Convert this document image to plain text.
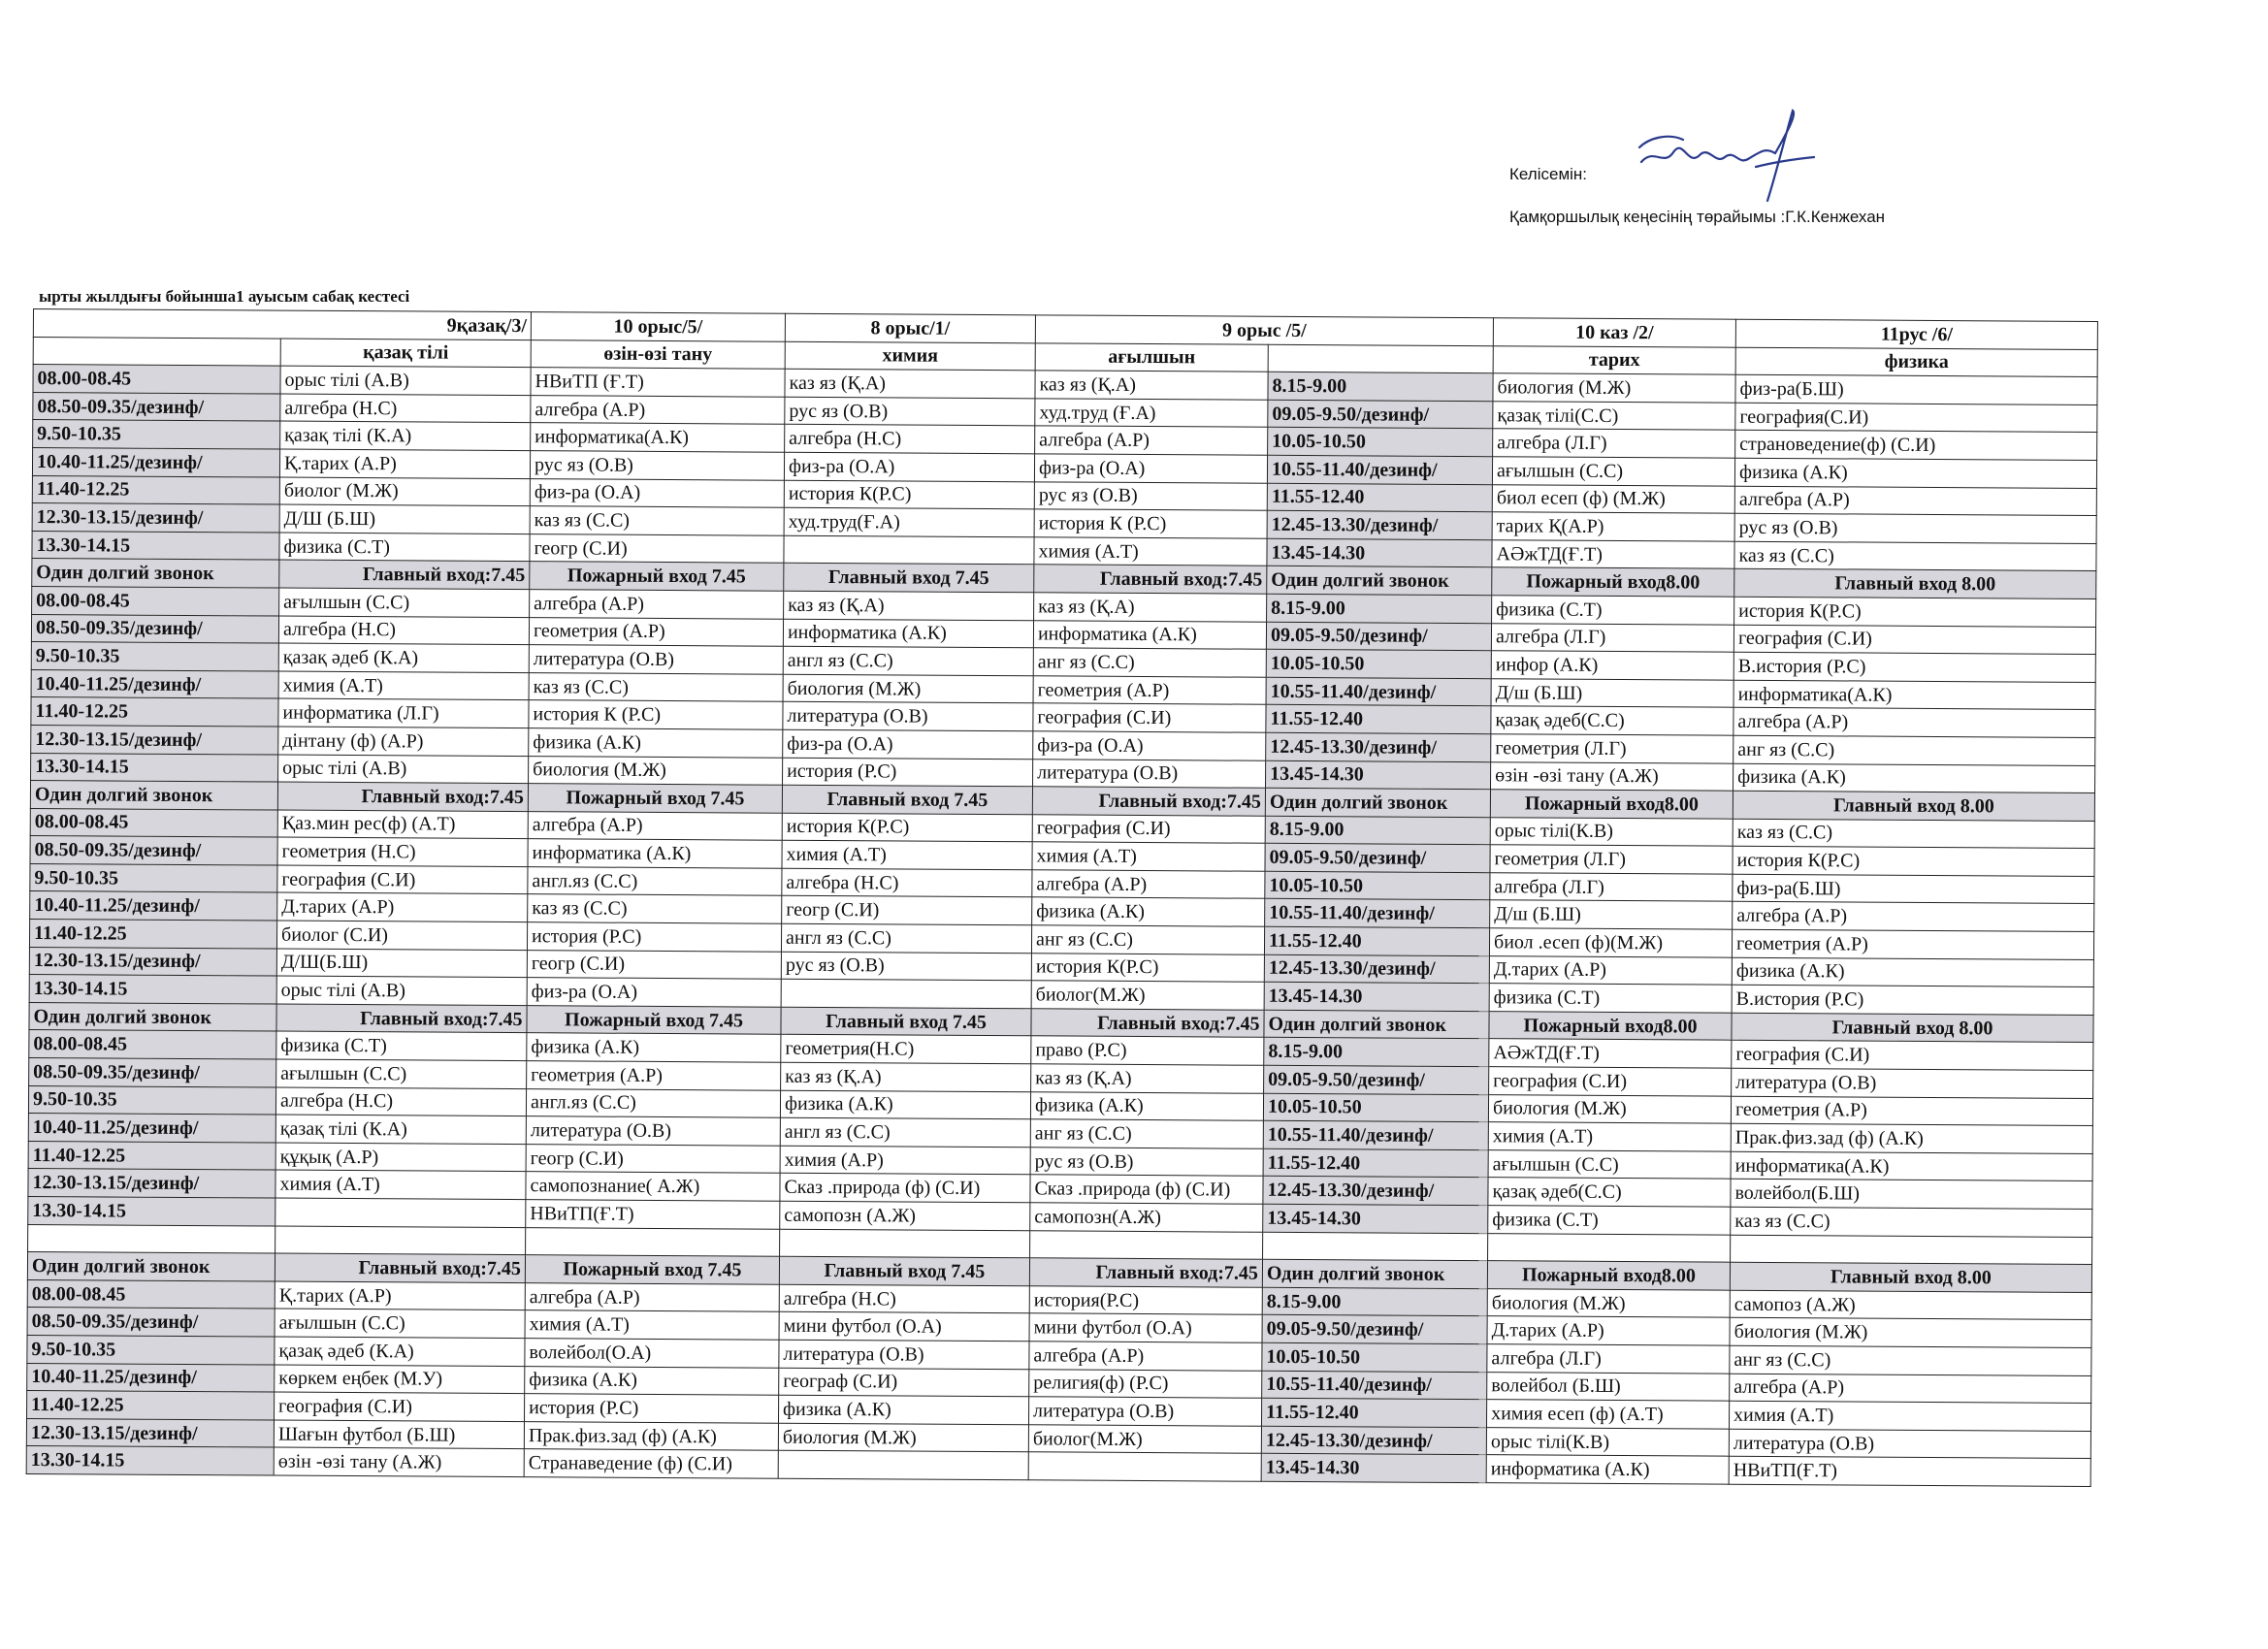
Келісемін:
Қамқоршылық кеңесінің төрайымы :Г.К.Кенжехан
ырты жылдығы бойынша1 ауысым сабақ кестесі
9қазақ/3/		10 орыс/5/	8 орыс/1/	9 орыс /5/		10 каз /2/	11рус /6/
	қазақ тілі	өзін-өзі тану	химия	ағылшын		тарих	физика
08.00-08.45	орыс тілі (А.В)	НВиТП (Ғ.Т)	каз яз (Қ.А)	каз яз (Қ.А)	8.15-9.00	биология (М.Ж)	физ-ра(Б.Ш)
08.50-09.35/дезинф/	алгебра (Н.С)	алгебра (А.Р)	рус яз (О.В)	худ.труд (Ғ.А)	09.05-9.50/дезинф/	қазақ тілі(С.С)	география(С.И)
9.50-10.35	қазақ тілі (К.А)	информатика(А.К)	алгебра (Н.С)	алгебра (А.Р)	10.05-10.50	алгебра (Л.Г)	страноведение(ф) (С.И)
10.40-11.25/дезинф/	Қ.тарих (А.Р)	рус яз (О.В)	физ-ра (О.А)	физ-ра (О.А)	10.55-11.40/дезинф/	ағылшын (С.С)	физика (А.К)
11.40-12.25	биолог (М.Ж)	физ-ра (О.А)	история К(Р.С)	рус яз (О.В)	11.55-12.40	биол есеп (ф) (М.Ж)	алгебра (А.Р)
12.30-13.15/дезинф/	Д/Ш (Б.Ш)	каз яз (С.С)	худ.труд(Ғ.А)	история К (Р.С)	12.45-13.30/дезинф/	тарих Қ(А.Р)	рус яз (О.В)
13.30-14.15	физика (С.Т)	геогр (С.И)		химия (А.Т)	13.45-14.30	АӘжТД(Ғ.Т)	каз яз (С.С)
Один долгий звонок	Главный вход:7.45	Пожарный вход 7.45	Главный вход 7.45	Главный вход:7.45	Один долгий звонок	Пожарный вход8.00	Главный вход 8.00
08.00-08.45	ағылшын (С.С)	алгебра (А.Р)	каз яз (Қ.А)	каз яз (Қ.А)	8.15-9.00	физика (С.Т)	история К(Р.С)
08.50-09.35/дезинф/	алгебра (Н.С)	геометрия (А.Р)	информатика (А.К)	информатика (А.К)	09.05-9.50/дезинф/	алгебра (Л.Г)	география (С.И)
9.50-10.35	қазақ әдеб (К.А)	литература (О.В)	англ яз (С.С)	анг яз (С.С)	10.05-10.50	инфор (А.К)	В.история (Р.С)
10.40-11.25/дезинф/	химия (А.Т)	каз яз (С.С)	биология (М.Ж)	геометрия (А.Р)	10.55-11.40/дезинф/	Д/ш (Б.Ш)	информатика(А.К)
11.40-12.25	информатика (Л.Г)	история К (Р.С)	литература (О.В)	география (С.И)	11.55-12.40	қазақ әдеб(С.С)	алгебра (А.Р)
12.30-13.15/дезинф/	дінтану (ф) (А.Р)	физика (А.К)	физ-ра (О.А)	физ-ра (О.А)	12.45-13.30/дезинф/	геометрия (Л.Г)	анг яз (С.С)
13.30-14.15	орыс тілі (А.В)	биология (М.Ж)	история (Р.С)	литература (О.В)	13.45-14.30	өзін -өзі тану (А.Ж)	физика (А.К)
Один долгий звонок	Главный вход:7.45	Пожарный вход 7.45	Главный вход 7.45	Главный вход:7.45	Один долгий звонок	Пожарный вход8.00	Главный вход 8.00
08.00-08.45	Қаз.мин рес(ф) (А.Т)	алгебра (А.Р)	история К(Р.С)	география (С.И)	8.15-9.00	орыс тілі(К.В)	каз яз (С.С)
08.50-09.35/дезинф/	геометрия (Н.С)	информатика (А.К)	химия (А.Т)	химия (А.Т)	09.05-9.50/дезинф/	геометрия (Л.Г)	история К(Р.С)
9.50-10.35	география (С.И)	англ.яз (С.С)	алгебра (Н.С)	алгебра (А.Р)	10.05-10.50	алгебра (Л.Г)	физ-ра(Б.Ш)
10.40-11.25/дезинф/	Д.тарих (А.Р)	каз яз (С.С)	геогр (С.И)	физика (А.К)	10.55-11.40/дезинф/	Д/ш (Б.Ш)	алгебра (А.Р)
11.40-12.25	биолог (С.И)	история (Р.С)	англ яз (С.С)	анг яз (С.С)	11.55-12.40	биол .есеп (ф)(М.Ж)	геометрия (А.Р)
12.30-13.15/дезинф/	Д/Ш(Б.Ш)	геогр (С.И)	рус яз (О.В)	история К(Р.С)	12.45-13.30/дезинф/	Д.тарих (А.Р)	физика (А.К)
13.30-14.15	орыс тілі (А.В)	физ-ра (О.А)		биолог(М.Ж)	13.45-14.30	физика (С.Т)	В.история (Р.С)
Один долгий звонок	Главный вход:7.45	Пожарный вход 7.45	Главный вход 7.45	Главный вход:7.45	Один долгий звонок	Пожарный вход8.00	Главный вход 8.00
08.00-08.45	физика (С.Т)	физика (А.К)	геометрия(Н.С)	право (Р.С)	8.15-9.00	АӘжТД(Ғ.Т)	география (С.И)
08.50-09.35/дезинф/	ағылшын (С.С)	геометрия (А.Р)	каз яз (Қ.А)	каз яз (Қ.А)	09.05-9.50/дезинф/	география (С.И)	литература (О.В)
9.50-10.35	алгебра (Н.С)	англ.яз (С.С)	физика (А.К)	физика (А.К)	10.05-10.50	биология (М.Ж)	геометрия (А.Р)
10.40-11.25/дезинф/	қазақ тілі (К.А)	литература (О.В)	англ яз (С.С)	анг яз (С.С)	10.55-11.40/дезинф/	химия (А.Т)	Прак.физ.зад (ф) (А.К)
11.40-12.25	құқық (А.Р)	геогр (С.И)	химия (А.Р)	рус яз (О.В)	11.55-12.40	ағылшын (С.С)	информатика(А.К)
12.30-13.15/дезинф/	химия (А.Т)	самопознание( А.Ж)	Сказ .природа (ф) (С.И)	Сказ .природа (ф) (С.И)	12.45-13.30/дезинф/	қазақ әдеб(С.С)	волейбол(Б.Ш)
13.30-14.15		НВиТП(Ғ.Т)	самопозн (А.Ж)	самопозн(А.Ж)	13.45-14.30	физика (С.Т)	каз яз (С.С)

Один долгий звонок	Главный вход:7.45	Пожарный вход 7.45	Главный вход 7.45	Главный вход:7.45	Один долгий звонок	Пожарный вход8.00	Главный вход 8.00
08.00-08.45	Қ.тарих (А.Р)	алгебра (А.Р)	алгебра (Н.С)	история(Р.С)	8.15-9.00	биология (М.Ж)	самопоз (А.Ж)
08.50-09.35/дезинф/	ағылшын (С.С)	химия (А.Т)	мини футбол (О.А)	мини футбол (О.А)	09.05-9.50/дезинф/	Д.тарих (А.Р)	биология (М.Ж)
9.50-10.35	қазақ әдеб (К.А)	волейбол(О.А)	литература (О.В)	алгебра (А.Р)	10.05-10.50	алгебра (Л.Г)	анг яз (С.С)
10.40-11.25/дезинф/	көркем еңбек (М.У)	физика (А.К)	географ (С.И)	религия(ф) (Р.С)	10.55-11.40/дезинф/	волейбол (Б.Ш)	алгебра (А.Р)
11.40-12.25	география (С.И)	история (Р.С)	физика (А.К)	литература (О.В)	11.55-12.40	химия есеп (ф) (А.Т)	химия (А.Т)
12.30-13.15/дезинф/	Шағын футбол (Б.Ш)	Прак.физ.зад (ф) (А.К)	биология (М.Ж)	биолог(М.Ж)	12.45-13.30/дезинф/	орыс тілі(К.В)	литература (О.В)
13.30-14.15	өзін -өзі тану (А.Ж)	Странаведение (ф) (С.И)			13.45-14.30	информатика (А.К)	НВиТП(Ғ.Т)
